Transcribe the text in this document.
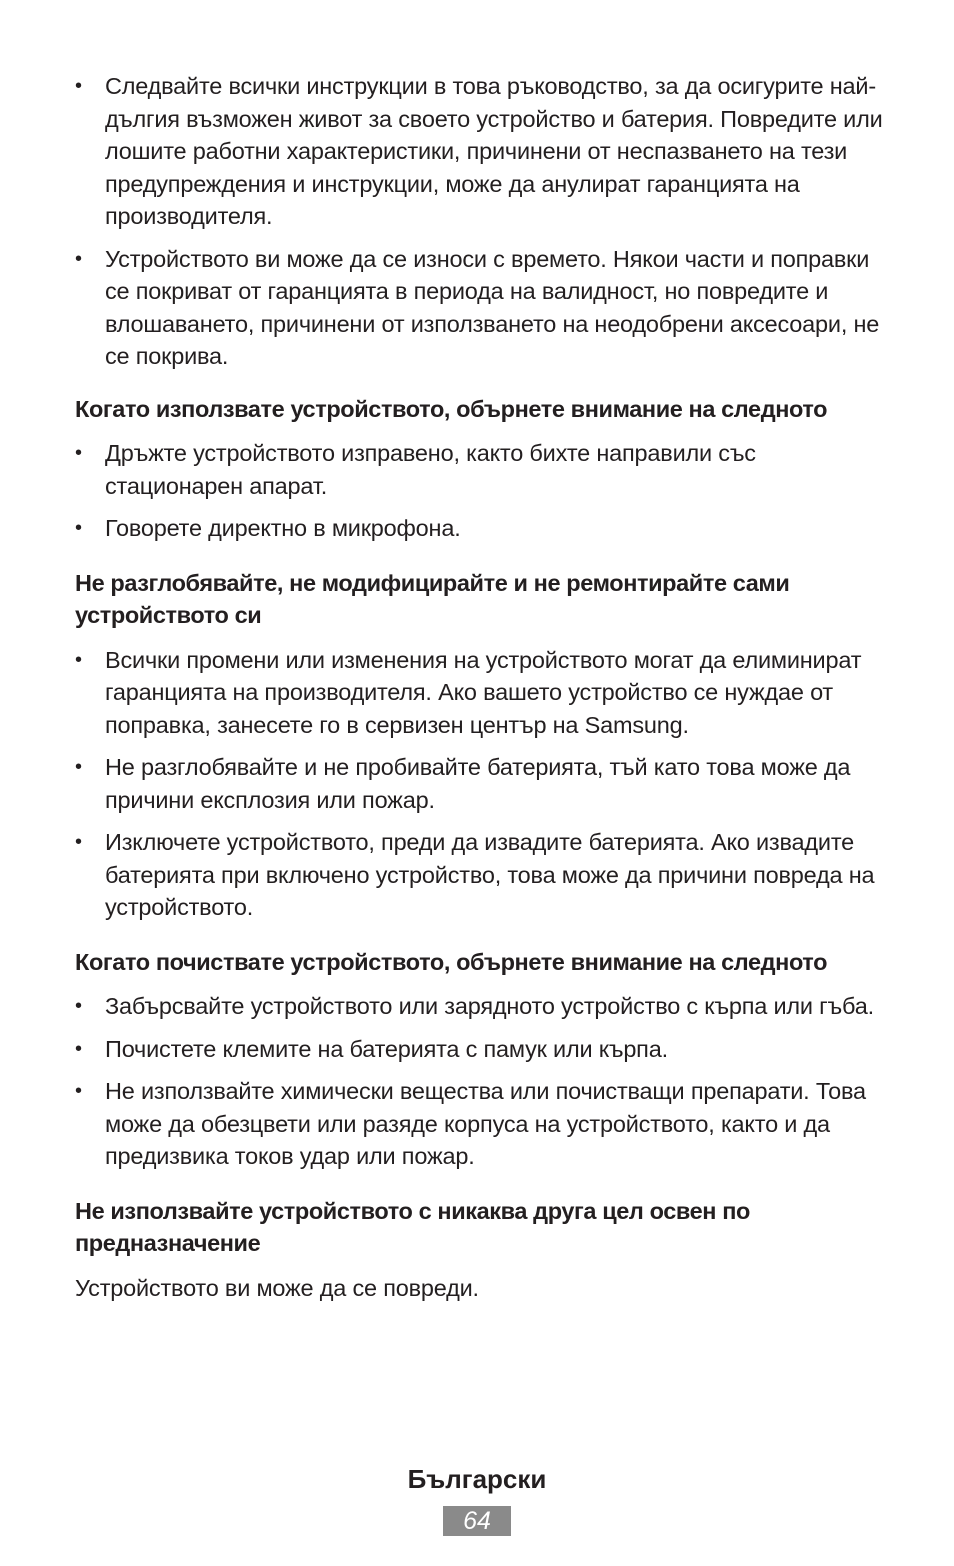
• Следвайте всички инструкции в това ръководство, за да осигурите най-дългия възможен живот за своето устройство и батерия. Повредите или лошите работни характеристики, причинени от неспазването на тези предупреждения и инструкции, може да анулират гаранцията на производителя.
• Устройството ви може да се износи с времето. Някои части и поправки се покриват от гаранцията в периода на валидност, но повредите и влошаването, причинени от използването на неодобрени аксесоари, не се покрива.
Когато използвате устройството, обърнете внимание на следното
• Дръжте устройството изправено, както бихте направили със стационарен апарат.
• Говорете директно в микрофона.
Не разглобявайте, не модифицирайте и не ремонтирайте сами устройството си
• Всички промени или изменения на устройството могат да елиминират гаранцията на производителя. Ако вашето устройство се нуждае от поправка, занесете го в сервизен център на Samsung.
• Не разглобявайте и не пробивайте батерията, тъй като това може да причини експлозия или пожар.
• Изключете устройството, преди да извадите батерията. Ако извадите батерията при включено устройство, това може да причини повреда на устройството.
Когато почиствате устройството, обърнете внимание на следното
• Забърсвайте устройството или зарядното устройство с кърпа или гъба.
• Почистете клемите на батерията с памук или кърпа.
• Не използвайте химически вещества или почистващи препарати. Това може да обезцвети или разяде корпуса на устройството, както и да предизвика токов удар или пожар.
Не използвайте устройството с никаква друга цел освен по предназначение

Устройството ви може да се повреди.

Български
64
